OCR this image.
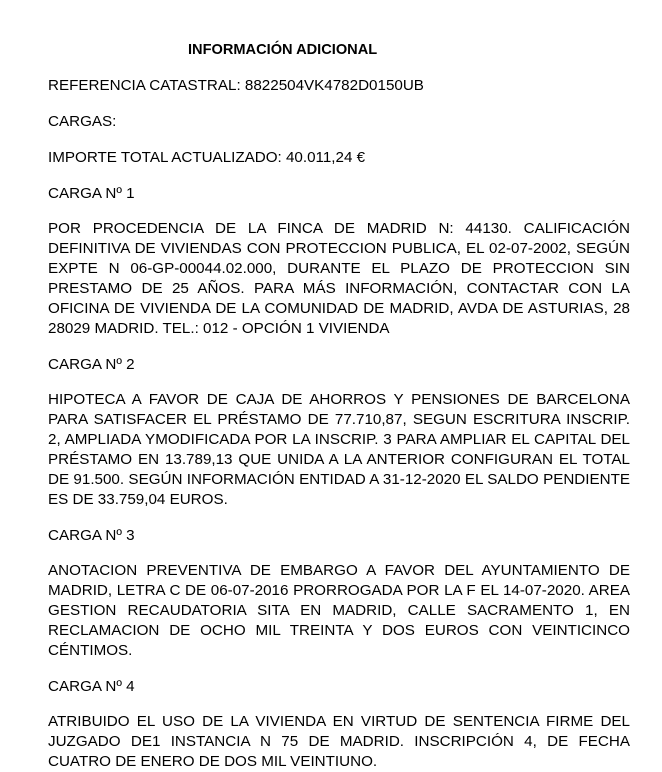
INFORMACIÓN ADICIONAL
REFERENCIA CATASTRAL: 8822504VK4782D0150UB
CARGAS:
IMPORTE TOTAL ACTUALIZADO: 40.011,24 €
CARGA Nº 1
POR PROCEDENCIA DE LA FINCA DE MADRID N: 44130. CALIFICACIÓN DEFINITIVA DE VIVIENDAS CON PROTECCION PUBLICA, EL 02-07-2002, SEGÚN EXPTE N 06-GP-00044.02.000, DURANTE EL PLAZO DE PROTECCION SIN PRESTAMO DE 25 AÑOS. PARA MÁS INFORMACIÓN, CONTACTAR CON LA OFICINA DE VIVIENDA DE LA COMUNIDAD DE MADRID, AVDA DE ASTURIAS, 28 28029 MADRID. TEL.: 012 - OPCIÓN 1 VIVIENDA
CARGA Nº 2
HIPOTECA A FAVOR DE CAJA DE AHORROS Y PENSIONES DE BARCELONA PARA SATISFACER EL PRÉSTAMO DE 77.710,87, SEGUN ESCRITURA INSCRIP. 2, AMPLIADA YMODIFICADA POR LA INSCRIP. 3 PARA AMPLIAR EL CAPITAL DEL PRÉSTAMO EN 13.789,13 QUE UNIDA A LA ANTERIOR CONFIGURAN EL TOTAL DE 91.500. SEGÚN INFORMACIÓN ENTIDAD A 31-12-2020 EL SALDO PENDIENTE ES DE 33.759,04 EUROS.
CARGA Nº 3
ANOTACION PREVENTIVA DE EMBARGO A FAVOR DEL AYUNTAMIENTO DE MADRID, LETRA C DE 06-07-2016 PRORROGADA POR LA F EL 14-07-2020. AREA GESTION RECAUDATORIA SITA EN MADRID, CALLE SACRAMENTO 1, EN RECLAMACION DE OCHO MIL TREINTA Y DOS EUROS CON VEINTICINCO CÉNTIMOS.
CARGA Nº 4
ATRIBUIDO EL USO DE LA VIVIENDA EN VIRTUD DE SENTENCIA FIRME DEL JUZGADO DE1 INSTANCIA N 75 DE MADRID. INSCRIPCIÓN 4, DE FECHA CUATRO DE ENERO DE DOS MIL VEINTIUNO.
